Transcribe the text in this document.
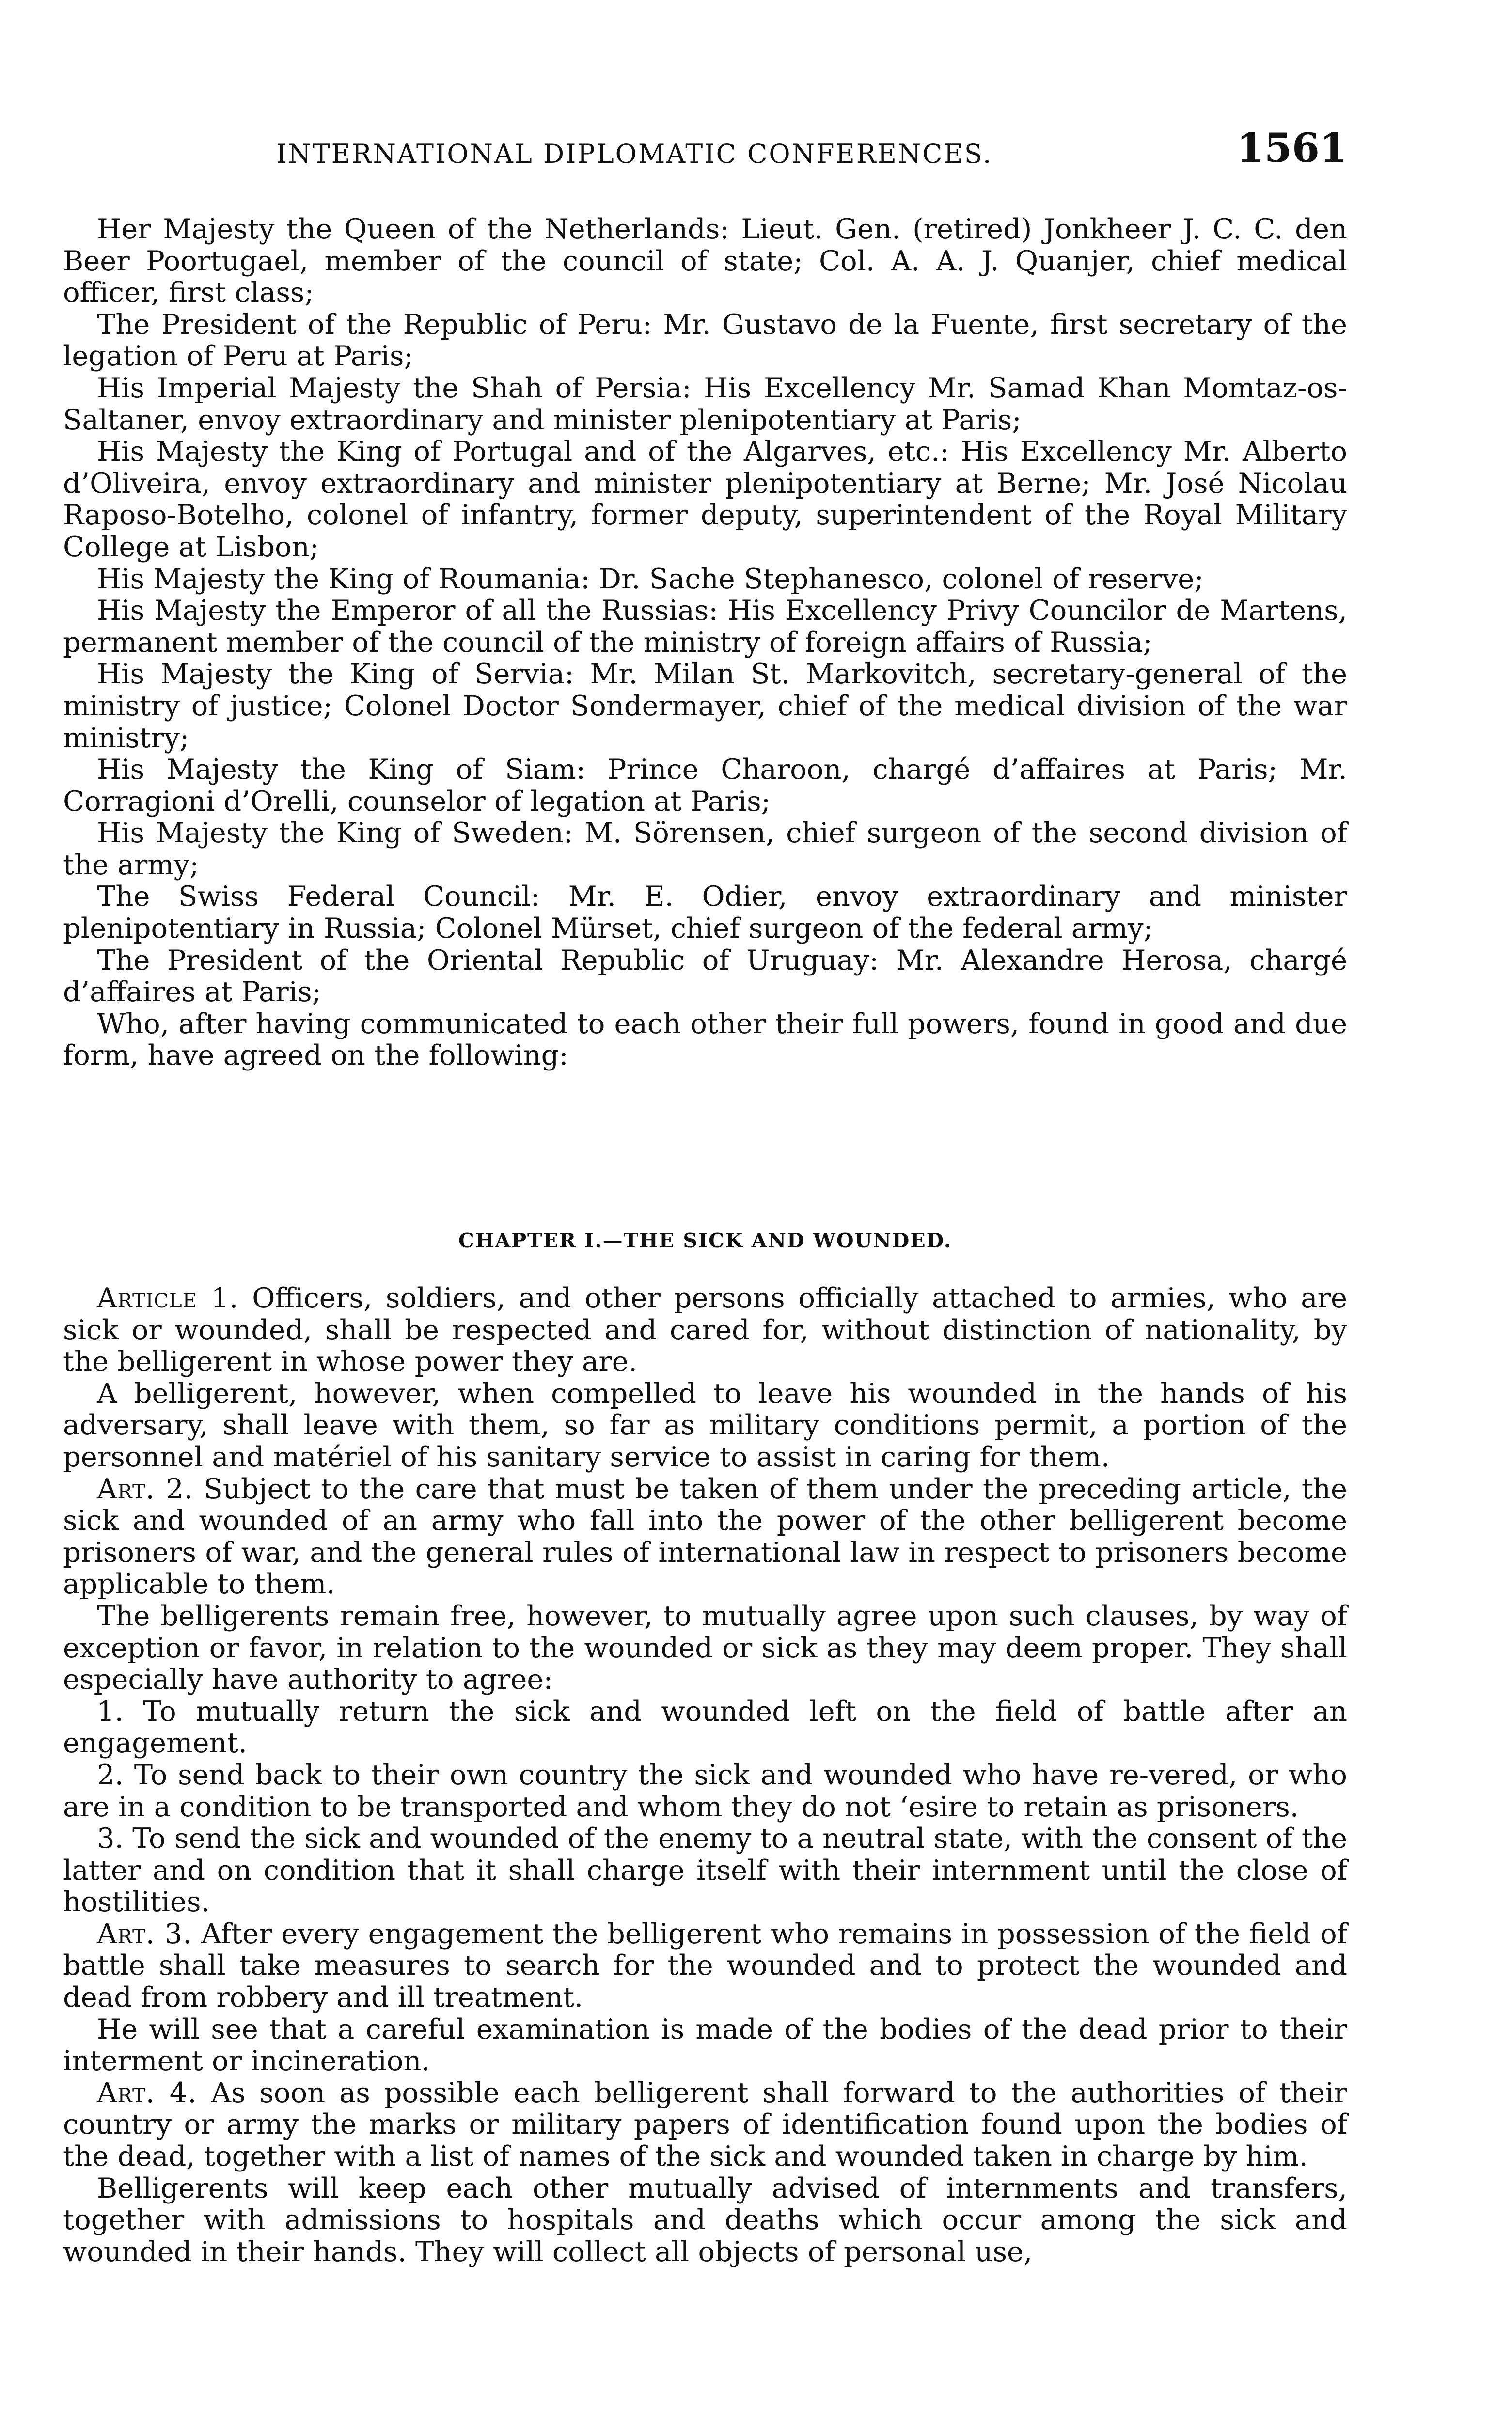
INTERNATIONAL DIPLOMATIC CONFERENCES.	1561

Her Majesty the Queen of the Netherlands: Lieut. Gen. (retired) Jonkheer J. C. C. den Beer Poortugael, member of the council of state; Col. A. A. J. Quanjer, chief medical officer, first class;

The President of the Republic of Peru: Mr. Gustavo de la Fuente, first secretary of the legation of Peru at Paris;

His Imperial Majesty the Shah of Persia: His Excellency Mr. Samad Khan Momtaz-os-Saltaner, envoy extraordinary and minister plenipotentiary at Paris;

His Majesty the King of Portugal and of the Algarves, etc.: His Excellency Mr. Alberto d’Oliveira, envoy extraordinary and minister plenipotentiary at Berne; Mr. José Nicolau Raposo-Botelho, colonel of infantry, former deputy, superintendent of the Royal Military College at Lisbon;

His Majesty the King of Roumania: Dr. Sache Stephanesco, colonel of reserve;

His Majesty the Emperor of all the Russias: His Excellency Privy Councilor de Martens, permanent member of the council of the ministry of foreign affairs of Russia;

His Majesty the King of Servia: Mr. Milan St. Markovitch, secretary-general of the ministry of justice; Colonel Doctor Sondermayer, chief of the medical division of the war ministry;

His Majesty the King of Siam: Prince Charoon, chargé d’affaires at Paris; Mr. Corragioni d’Orelli, counselor of legation at Paris;

His Majesty the King of Sweden: M. Sörensen, chief surgeon of the second division of the army;

The Swiss Federal Council: Mr. E. Odier, envoy extraordinary and minister plenipotentiary in Russia; Colonel Mürset, chief surgeon of the federal army;

The President of the Oriental Republic of Uruguay: Mr. Alexandre Herosa, chargé d’affaires at Paris;

Who, after having communicated to each other their full powers, found in good and due form, have agreed on the following:

CHAPTER I.—THE SICK AND WOUNDED.

Article 1. Officers, soldiers, and other persons officially attached to armies, who are sick or wounded, shall be respected and cared for, without distinction of nationality, by the belligerent in whose power they are.

A belligerent, however, when compelled to leave his wounded in the hands of his adversary, shall leave with them, so far as military conditions permit, a portion of the personnel and matériel of his sanitary service to assist in caring for them.

Art. 2. Subject to the care that must be taken of them under the preceding article, the sick and wounded of an army who fall into the power of the other belligerent become prisoners of war, and the general rules of international law in respect to prisoners become applicable to them.

The belligerents remain free, however, to mutually agree upon such clauses, by way of exception or favor, in relation to the wounded or sick as they may deem proper. They shall especially have authority to agree:

1. To mutually return the sick and wounded left on the field of battle after an engagement.

2. To send back to their own country the sick and wounded who have re-​vered, or who are in a condition to be transported and whom they do not ‘esire to retain as prisoners.

3. To send the sick and wounded of the enemy to a neutral state, with the consent of the latter and on condition that it shall charge itself with their internment until the close of hostilities.

Art. 3. After every engagement the belligerent who remains in possession of the field of battle shall take measures to search for the wounded and to protect the wounded and dead from robbery and ill treatment.

He will see that a careful examination is made of the bodies of the dead prior to their interment or incineration.

Art. 4. As soon as possible each belligerent shall forward to the authorities of their country or army the marks or military papers of identification found upon the bodies of the dead, together with a list of names of the sick and wounded taken in charge by him.

Belligerents will keep each other mutually advised of internments and transfers, together with admissions to hospitals and deaths which occur among the sick and wounded in their hands. They will collect all objects of personal use,
